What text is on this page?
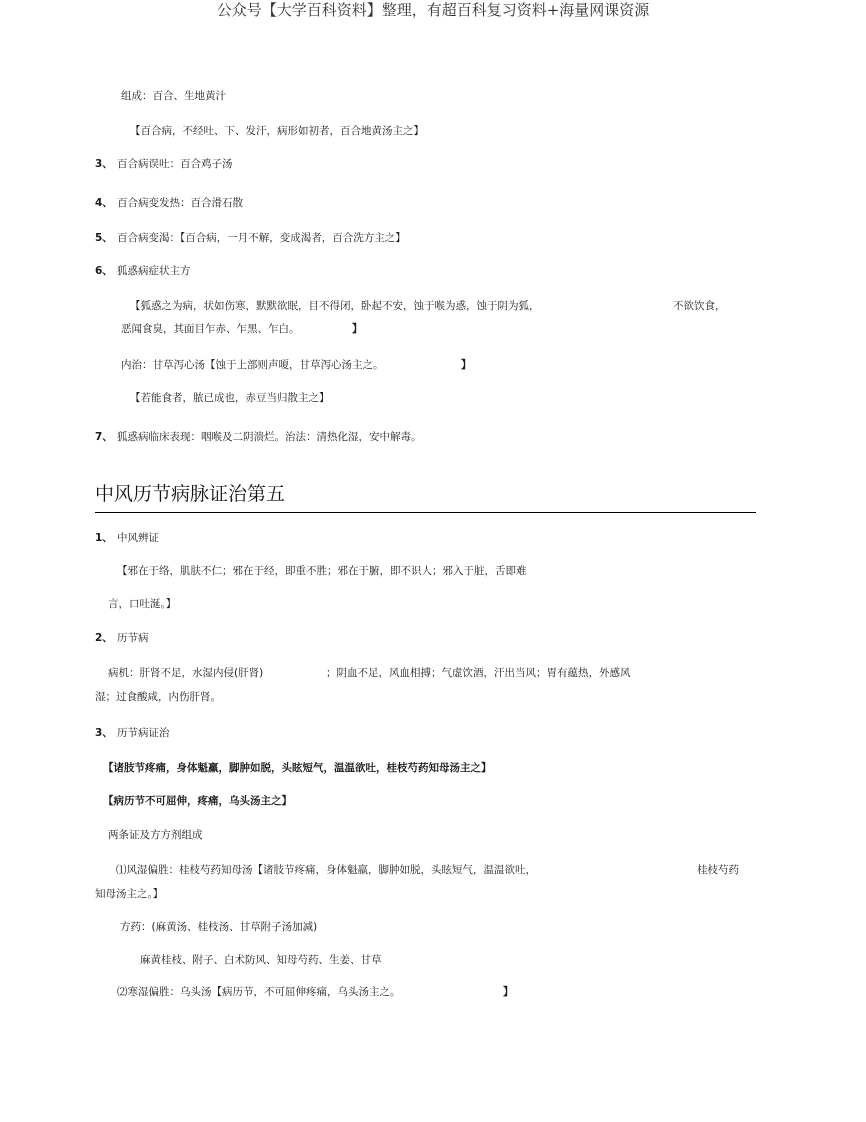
公众号【大学百科资料】整理，有超百科复习资料+海量网课资源
组成：百合、生地黄汁
【百合病，不经吐、下、发汗，病形如初者，百合地黄汤主之】
3、 百合病误吐：百合鸡子汤
4、 百合病变发热：百合滑石散
5、 百合病变渴：【百合病，一月不解，变成渴者，百合洗方主之】
6、 狐惑病症状主方
【狐惑之为病，状如伤寒，默默欲眠，目不得闭，卧起不安，蚀于喉为惑，蚀于阴为狐，	不欲饮食，
恶闻食臭，其面目乍赤、乍黑、乍白。	】
内治：甘草泻心汤【蚀于上部则声嗄，甘草泻心汤主之。	】
【若能食者，脓已成也，赤豆当归散主之】
7、 狐惑病临床表现：咽喉及二阴溃烂。治法：清热化湿，安中解毒。
中风历节病脉证治第五
1、 中风辨证
【邪在于络，肌肤不仁；邪在于经，即重不胜；邪在于腑，即不识人；邪入于脏，舌即难
言，口吐涎。】
2、 历节病
病机：肝肾不足，水湿内侵(肝肾)	；阴血不足，风血相搏；气虚饮酒，汗出当风；胃有蕴热，外感风
湿；过食酸咸，内伤肝肾。
3、 历节病证治
【诸肢节疼痛，身体魁羸，脚肿如脱，头眩短气，温温欲吐，桂枝芍药知母汤主之】
【病历节不可屈伸，疼痛，乌头汤主之】
两条证及方方剂组成
⑴风湿偏胜：桂枝芍药知母汤【诸肢节疼痛，身体魁羸，脚肿如脱，头眩短气，温温欲吐，	桂枝芍药
知母汤主之。】
方药：(麻黄汤、桂枝汤、甘草附子汤加减)
麻黄桂枝、附子、白术防风、知母芍药、生姜、甘草
⑵寒湿偏胜：乌头汤【病历节，不可屈伸疼痛，乌头汤主之。	】
